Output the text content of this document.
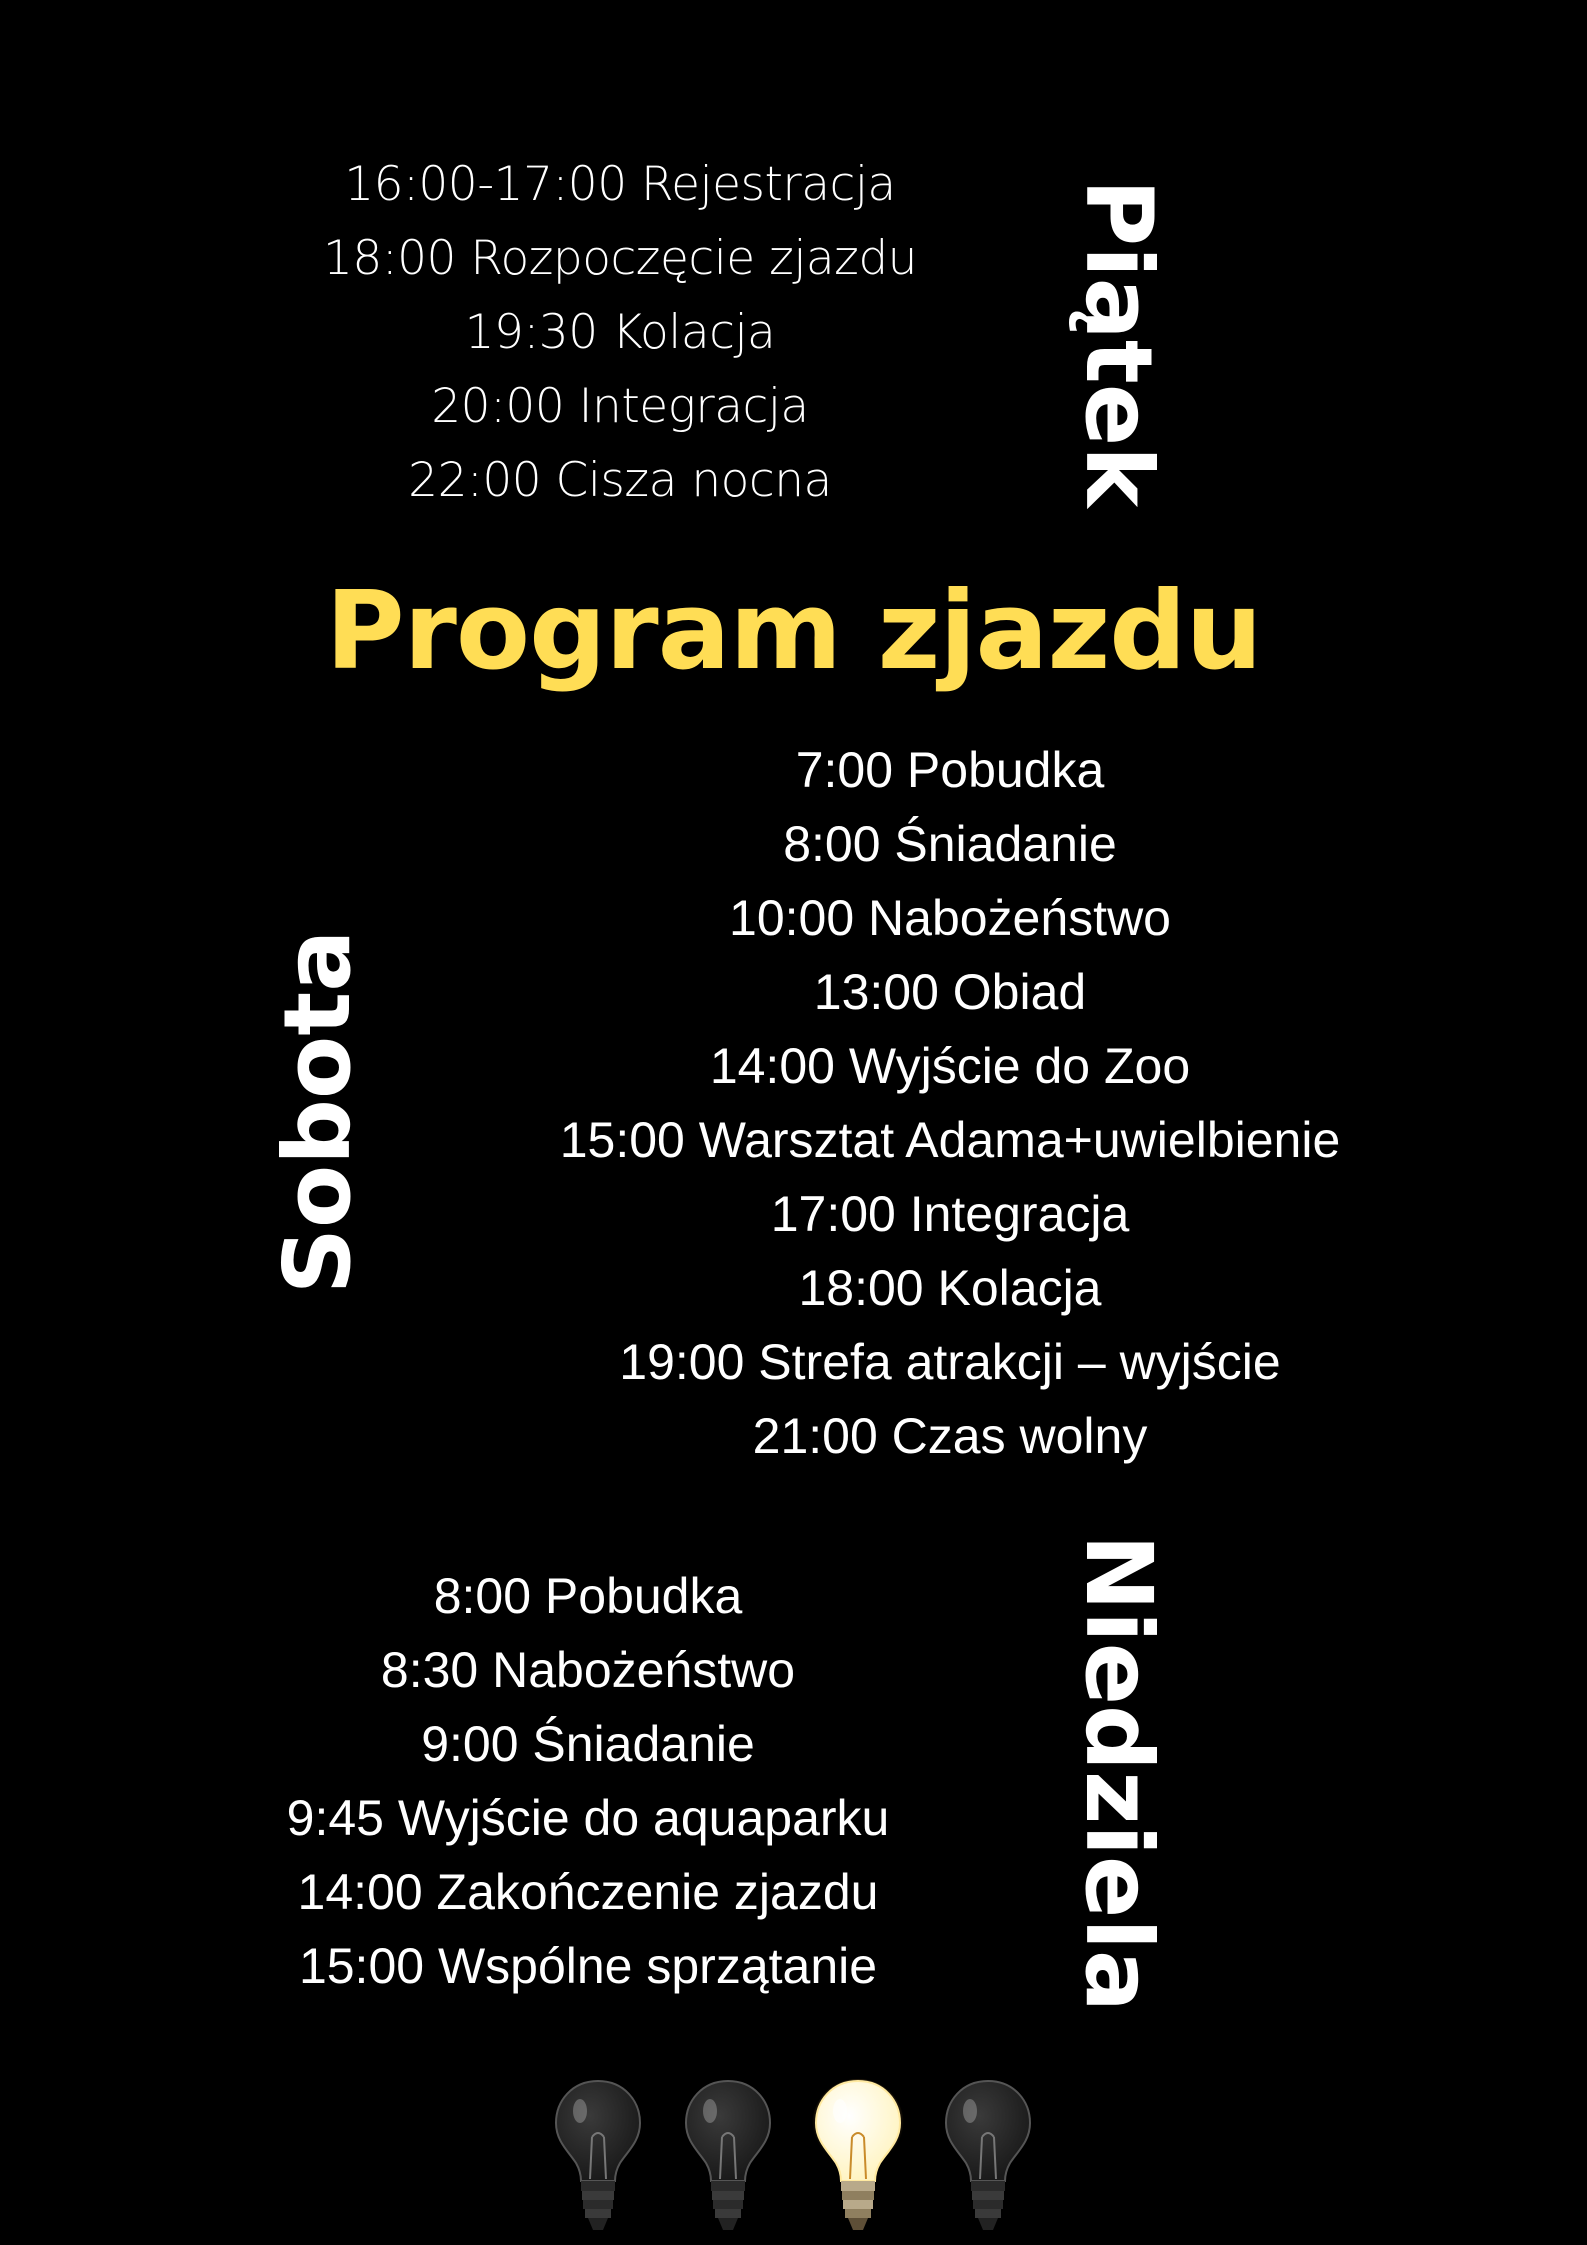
16:00-17:00 Rejestracja
18:00 Rozpoczęcie zjazdu
19:30 Kolacja
20:00 Integracja
22:00 Cisza nocna	Piątek
Program zjazdu
Sobota
7:00 Pobudka
8:00 Śniadanie
10:00 Nabożeństwo
13:00 Obiad
14:00 Wyjście do Zoo
15:00 Warsztat Adama+uwielbienie
17:00 Integracja
18:00 Kolacja
19:00 Strefa atrakcji – wyjście
21:00 Czas wolny
8:00 Pobudka
8:30 Nabożeństwo
9:00 Śniadanie
9:45 Wyjście do aquaparku
14:00 Zakończenie zjazdu
15:00 Wspólne sprzątanie	Niedziela
